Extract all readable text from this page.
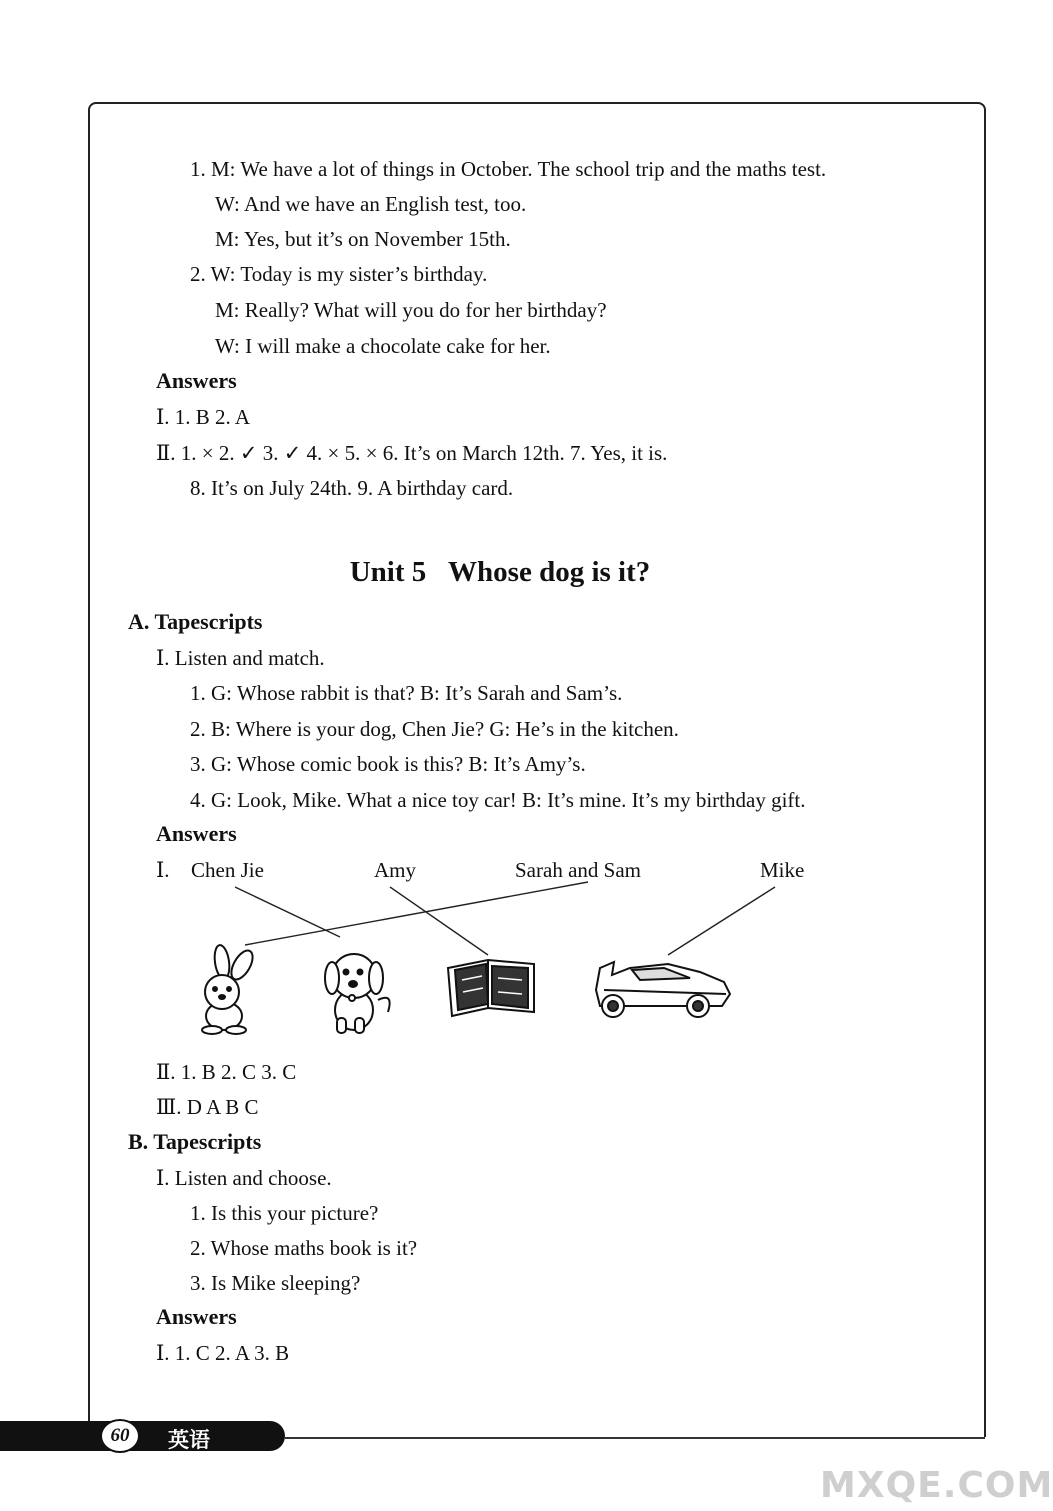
1. M: We have a lot of things in October. The school trip and the maths test.
W: And we have an English test, too.
M: Yes, but it’s on November 15th.
2. W: Today is my sister’s birthday.
M: Really? What will you do for her birthday?
W: I will make a chocolate cake for her.
Answers
Ⅰ. 1. B 2. A
Ⅱ. 1. × 2. ✓ 3. ✓ 4. × 5. × 6. It’s on March 12th. 7. Yes, it is.
8. It’s on July 24th. 9. A birthday card.
Unit 5 Whose dog is it?
A. Tapescripts
Ⅰ. Listen and match.
1. G: Whose rabbit is that? B: It’s Sarah and Sam’s.
2. B: Where is your dog, Chen Jie? G: He’s in the kitchen.
3. G: Whose comic book is this? B: It’s Amy’s.
4. G: Look, Mike. What a nice toy car! B: It’s mine. It’s my birthday gift.
Answers
Ⅰ. Chen Jie	Amy	Sarah and Sam	Mike
Ⅱ. 1. B 2. C 3. C
Ⅲ. D A B C
B. Tapescripts
Ⅰ. Listen and choose.
1. Is this your picture?
2. Whose maths book is it?
3. Is Mike sleeping?
Answers
Ⅰ. 1. C 2. A 3. B
60	英语
MXQE.COM
